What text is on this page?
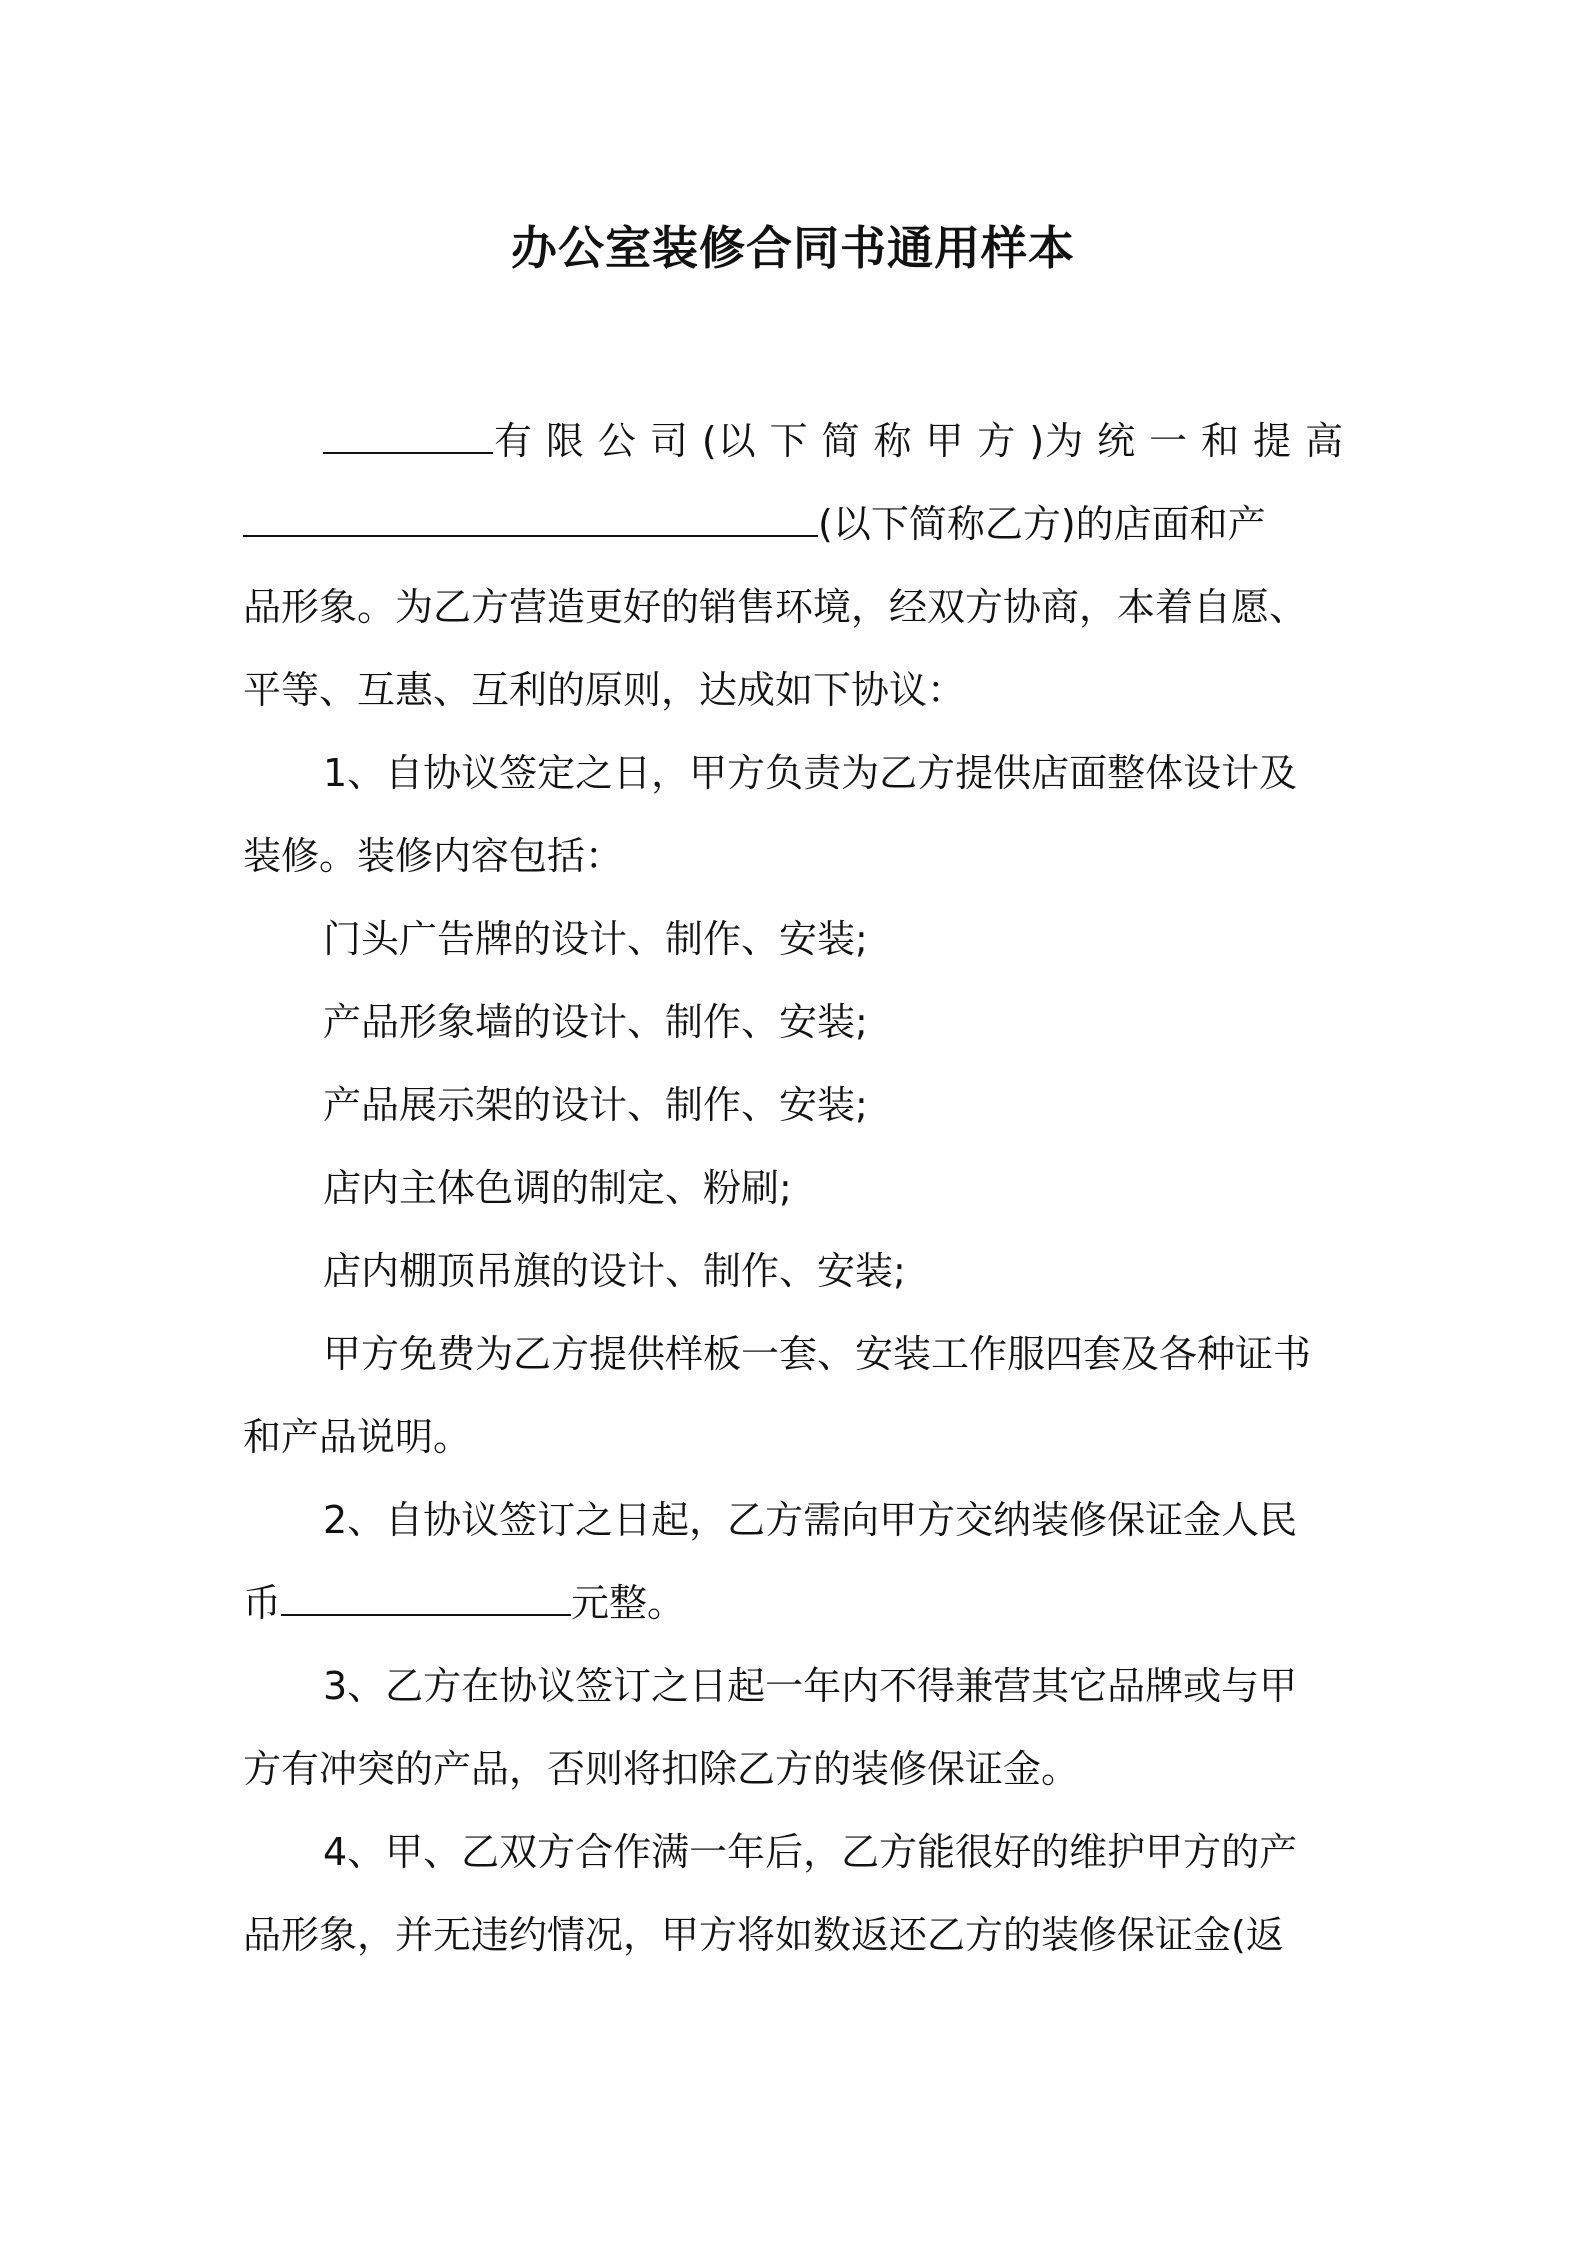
办公室装修合同书通用样本
有 限 公 司 (以 下 简 称 甲 方 )为 统 一 和 提 高
(以下简称乙方)的店面和产
品形象。为乙方营造更好的销售环境，经双方协商，本着自愿、
平等、互惠、互利的原则，达成如下协议：
1、自协议签定之日，甲方负责为乙方提供店面整体设计及
装修。装修内容包括：
门头广告牌的设计、制作、安装;
产品形象墙的设计、制作、安装;
产品展示架的设计、制作、安装;
店内主体色调的制定、粉刷;
店内棚顶吊旗的设计、制作、安装;
甲方免费为乙方提供样板一套、安装工作服四套及各种证书
和产品说明。
2、自协议签订之日起，乙方需向甲方交纳装修保证金人民
币	元整。
3、乙方在协议签订之日起一年内不得兼营其它品牌或与甲
方有冲突的产品，否则将扣除乙方的装修保证金。
4、甲、乙双方合作满一年后，乙方能很好的维护甲方的产
品形象，并无违约情况，甲方将如数返还乙方的装修保证金(返
